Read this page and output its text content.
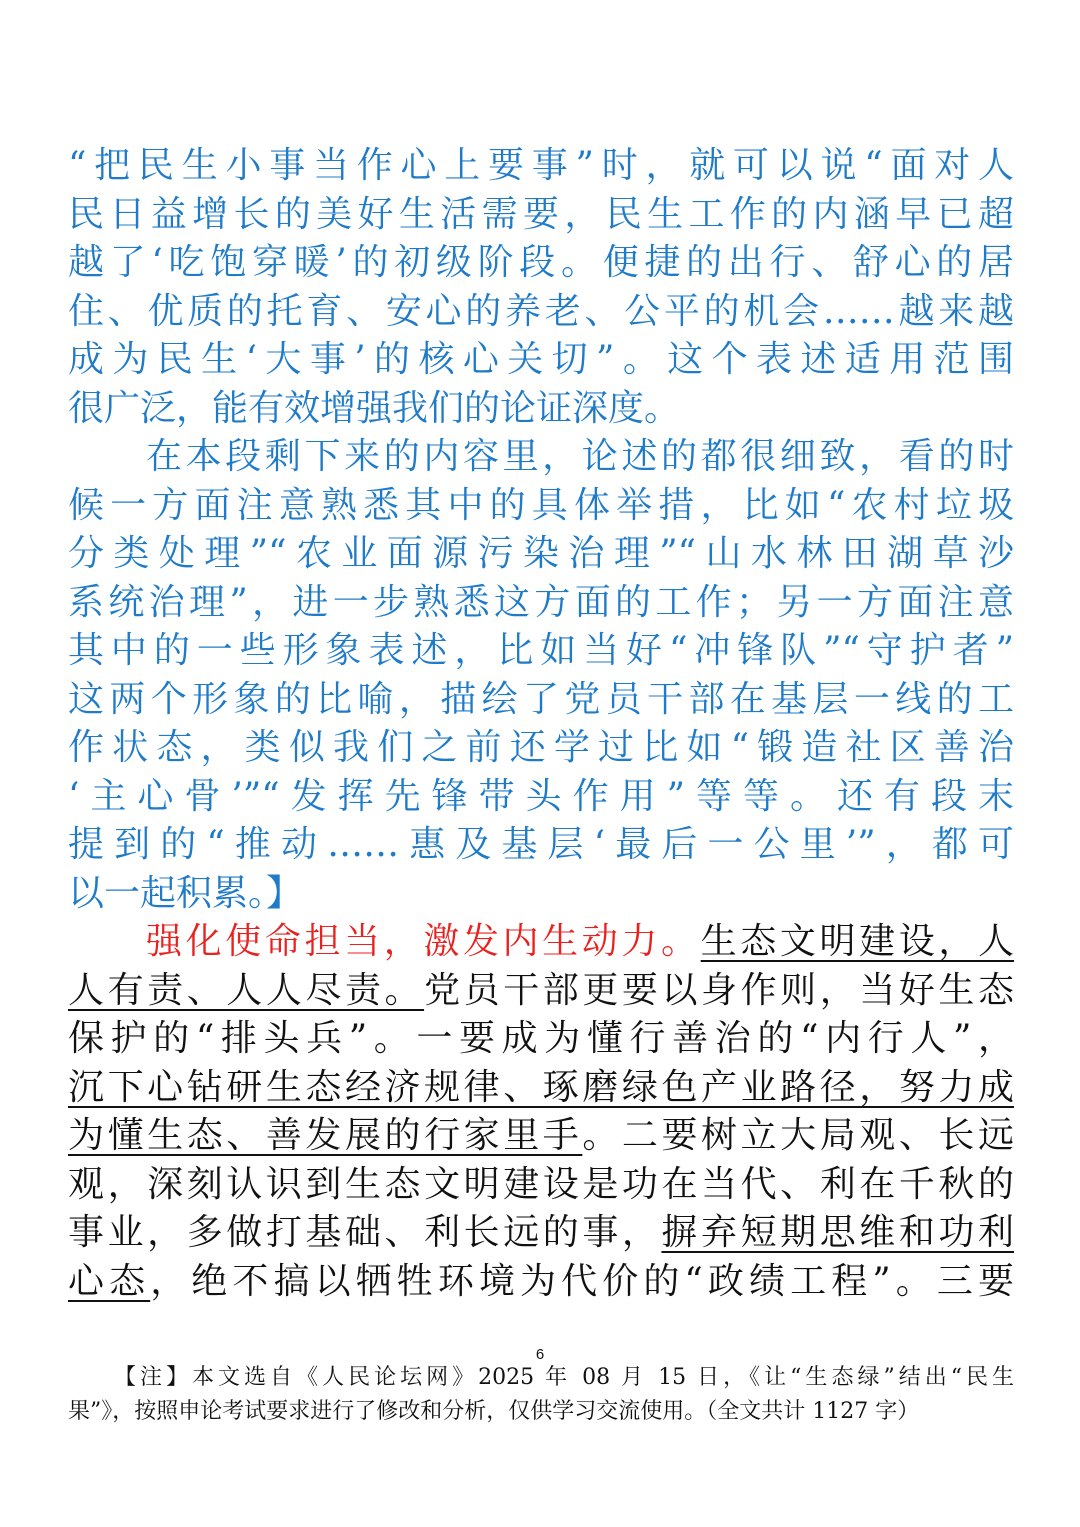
“把民生小事当作心上要事”时，就可以说“面对人
民日益增长的美好生活需要，民生工作的内涵早已超
越了‘吃饱穿暖’的初级阶段。便捷的出行、舒心的居
住、优质的托育、安心的养老、公平的机会……越来越
成为民生‘大事’的核心关切”。这个表述适用范围
很广泛，能有效增强我们的论证深度。
在本段剩下来的内容里，论述的都很细致，看的时
候一方面注意熟悉其中的具体举措，比如“农村垃圾
分类处理”“农业面源污染治理”“山水林田湖草沙
系统治理”，进一步熟悉这方面的工作；另一方面注意
其中的一些形象表述，比如当好“冲锋队”“守护者”
这两个形象的比喻，描绘了党员干部在基层一线的工
作状态，类似我们之前还学过比如“锻造社区善治
‘主心骨’”“发挥先锋带头作用”等等。还有段末
提到的“推动……惠及基层‘最后一公里’”，都可
以一起积累。】
强化使命担当，激发内生动力。生态文明建设，人
人有责、人人尽责。党员干部更要以身作则，当好生态
保护的“排头兵”。一要成为懂行善治的“内行人”，
沉下心钻研生态经济规律、琢磨绿色产业路径，努力成
为懂生态、善发展的行家里手。二要树立大局观、长远
观，深刻认识到生态文明建设是功在当代、利在千秋的
事业，多做打基础、利长远的事，摒弃短期思维和功利
心态，绝不搞以牺牲环境为代价的“政绩工程”。三要
6
【注】本文选自《人民论坛网》2025 年 08 月 15 日，《让“生态绿”结出“民生
果”》，按照申论考试要求进行了修改和分析，仅供学习交流使用。（全文共计 1127 字）
